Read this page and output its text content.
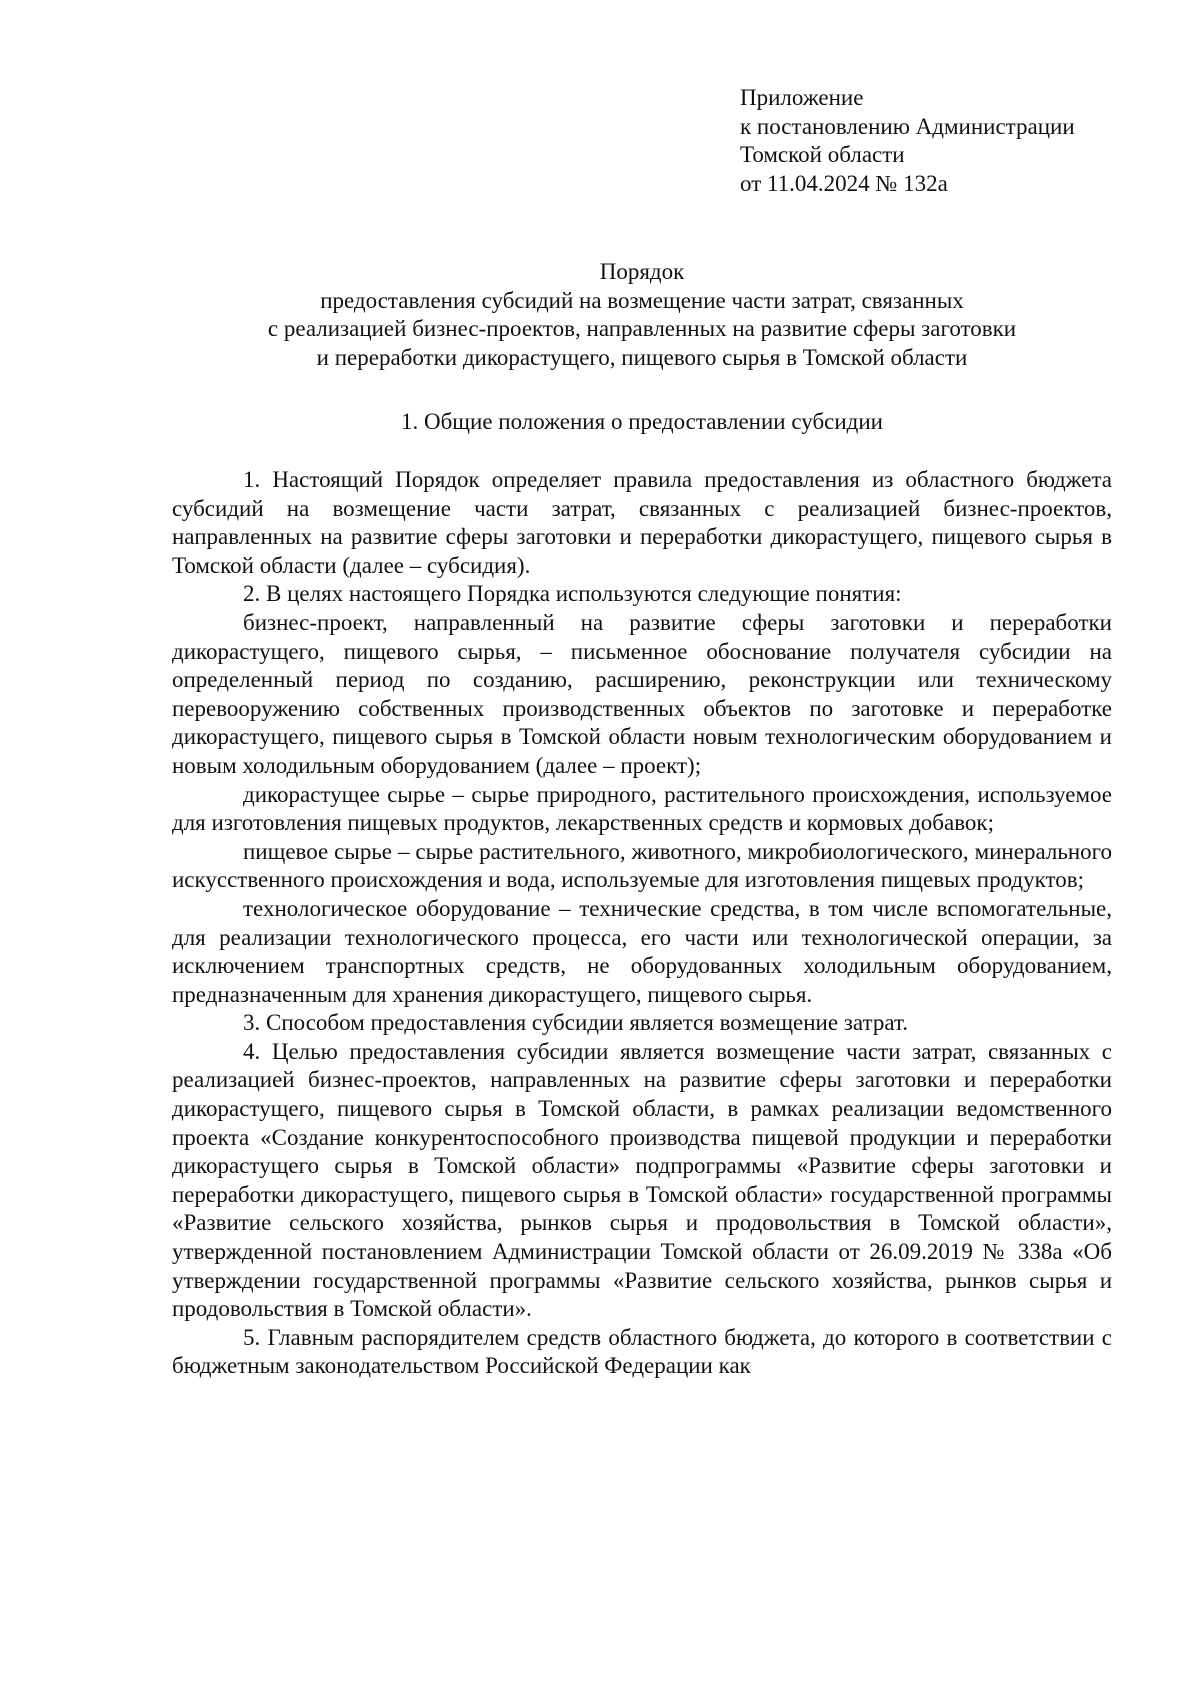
Приложение
к постановлению Администрации
Томской области
от 11.04.2024 № 132а
Порядок
предоставления субсидий на возмещение части затрат, связанных
с реализацией бизнес-проектов, направленных на развитие сферы заготовки
и переработки дикорастущего, пищевого сырья в Томской области
1. Общие положения о предоставлении субсидии

1. Настоящий Порядок определяет правила предоставления из областного бюджета субсидий на возмещение части затрат, связанных с реализацией бизнес-проектов, направленных на развитие сферы заготовки и переработки дикорастущего, пищевого сырья в Томской области (далее – субсидия).

2. В целях настоящего Порядка используются следующие понятия:

бизнес-проект, направленный на развитие сферы заготовки и переработки дикорастущего, пищевого сырья, – письменное обоснование получателя субсидии на определенный период по созданию, расширению, реконструкции или техническому перевооружению собственных производственных объектов по заготовке и переработке дикорастущего, пищевого сырья в Томской области новым технологическим оборудованием и новым холодильным оборудованием (далее – проект);

дикорастущее сырье – сырье природного, растительного происхождения, используемое для изготовления пищевых продуктов, лекарственных средств и кормовых добавок;

пищевое сырье – сырье растительного, животного, микробиологического, минерального искусственного происхождения и вода, используемые для изготовления пищевых продуктов;

технологическое оборудование – технические средства, в том числе вспомогательные, для реализации технологического процесса, его части или технологической операции, за исключением транспортных средств, не оборудованных холодильным оборудованием, предназначенным для хранения дикорастущего, пищевого сырья.

3. Способом предоставления субсидии является возмещение затрат.

4. Целью предоставления субсидии является возмещение части затрат, связанных с реализацией бизнес-проектов, направленных на развитие сферы заготовки и переработки дикорастущего, пищевого сырья в Томской области, в рамках реализации ведомственного проекта «Создание конкурентоспособного производства пищевой продукции и переработки дикорастущего сырья в Томской области» подпрограммы «Развитие сферы заготовки и переработки дикорастущего, пищевого сырья в Томской области» государственной программы «Развитие сельского хозяйства, рынков сырья и продовольствия в Томской области», утвержденной постановлением Администрации Томской области от 26.09.2019 № 338а «Об утверждении государственной программы «Развитие сельского хозяйства, рынков сырья и продовольствия в Томской области».

5. Главным распорядителем средств областного бюджета, до которого в соответствии с бюджетным законодательством Российской Федерации как
